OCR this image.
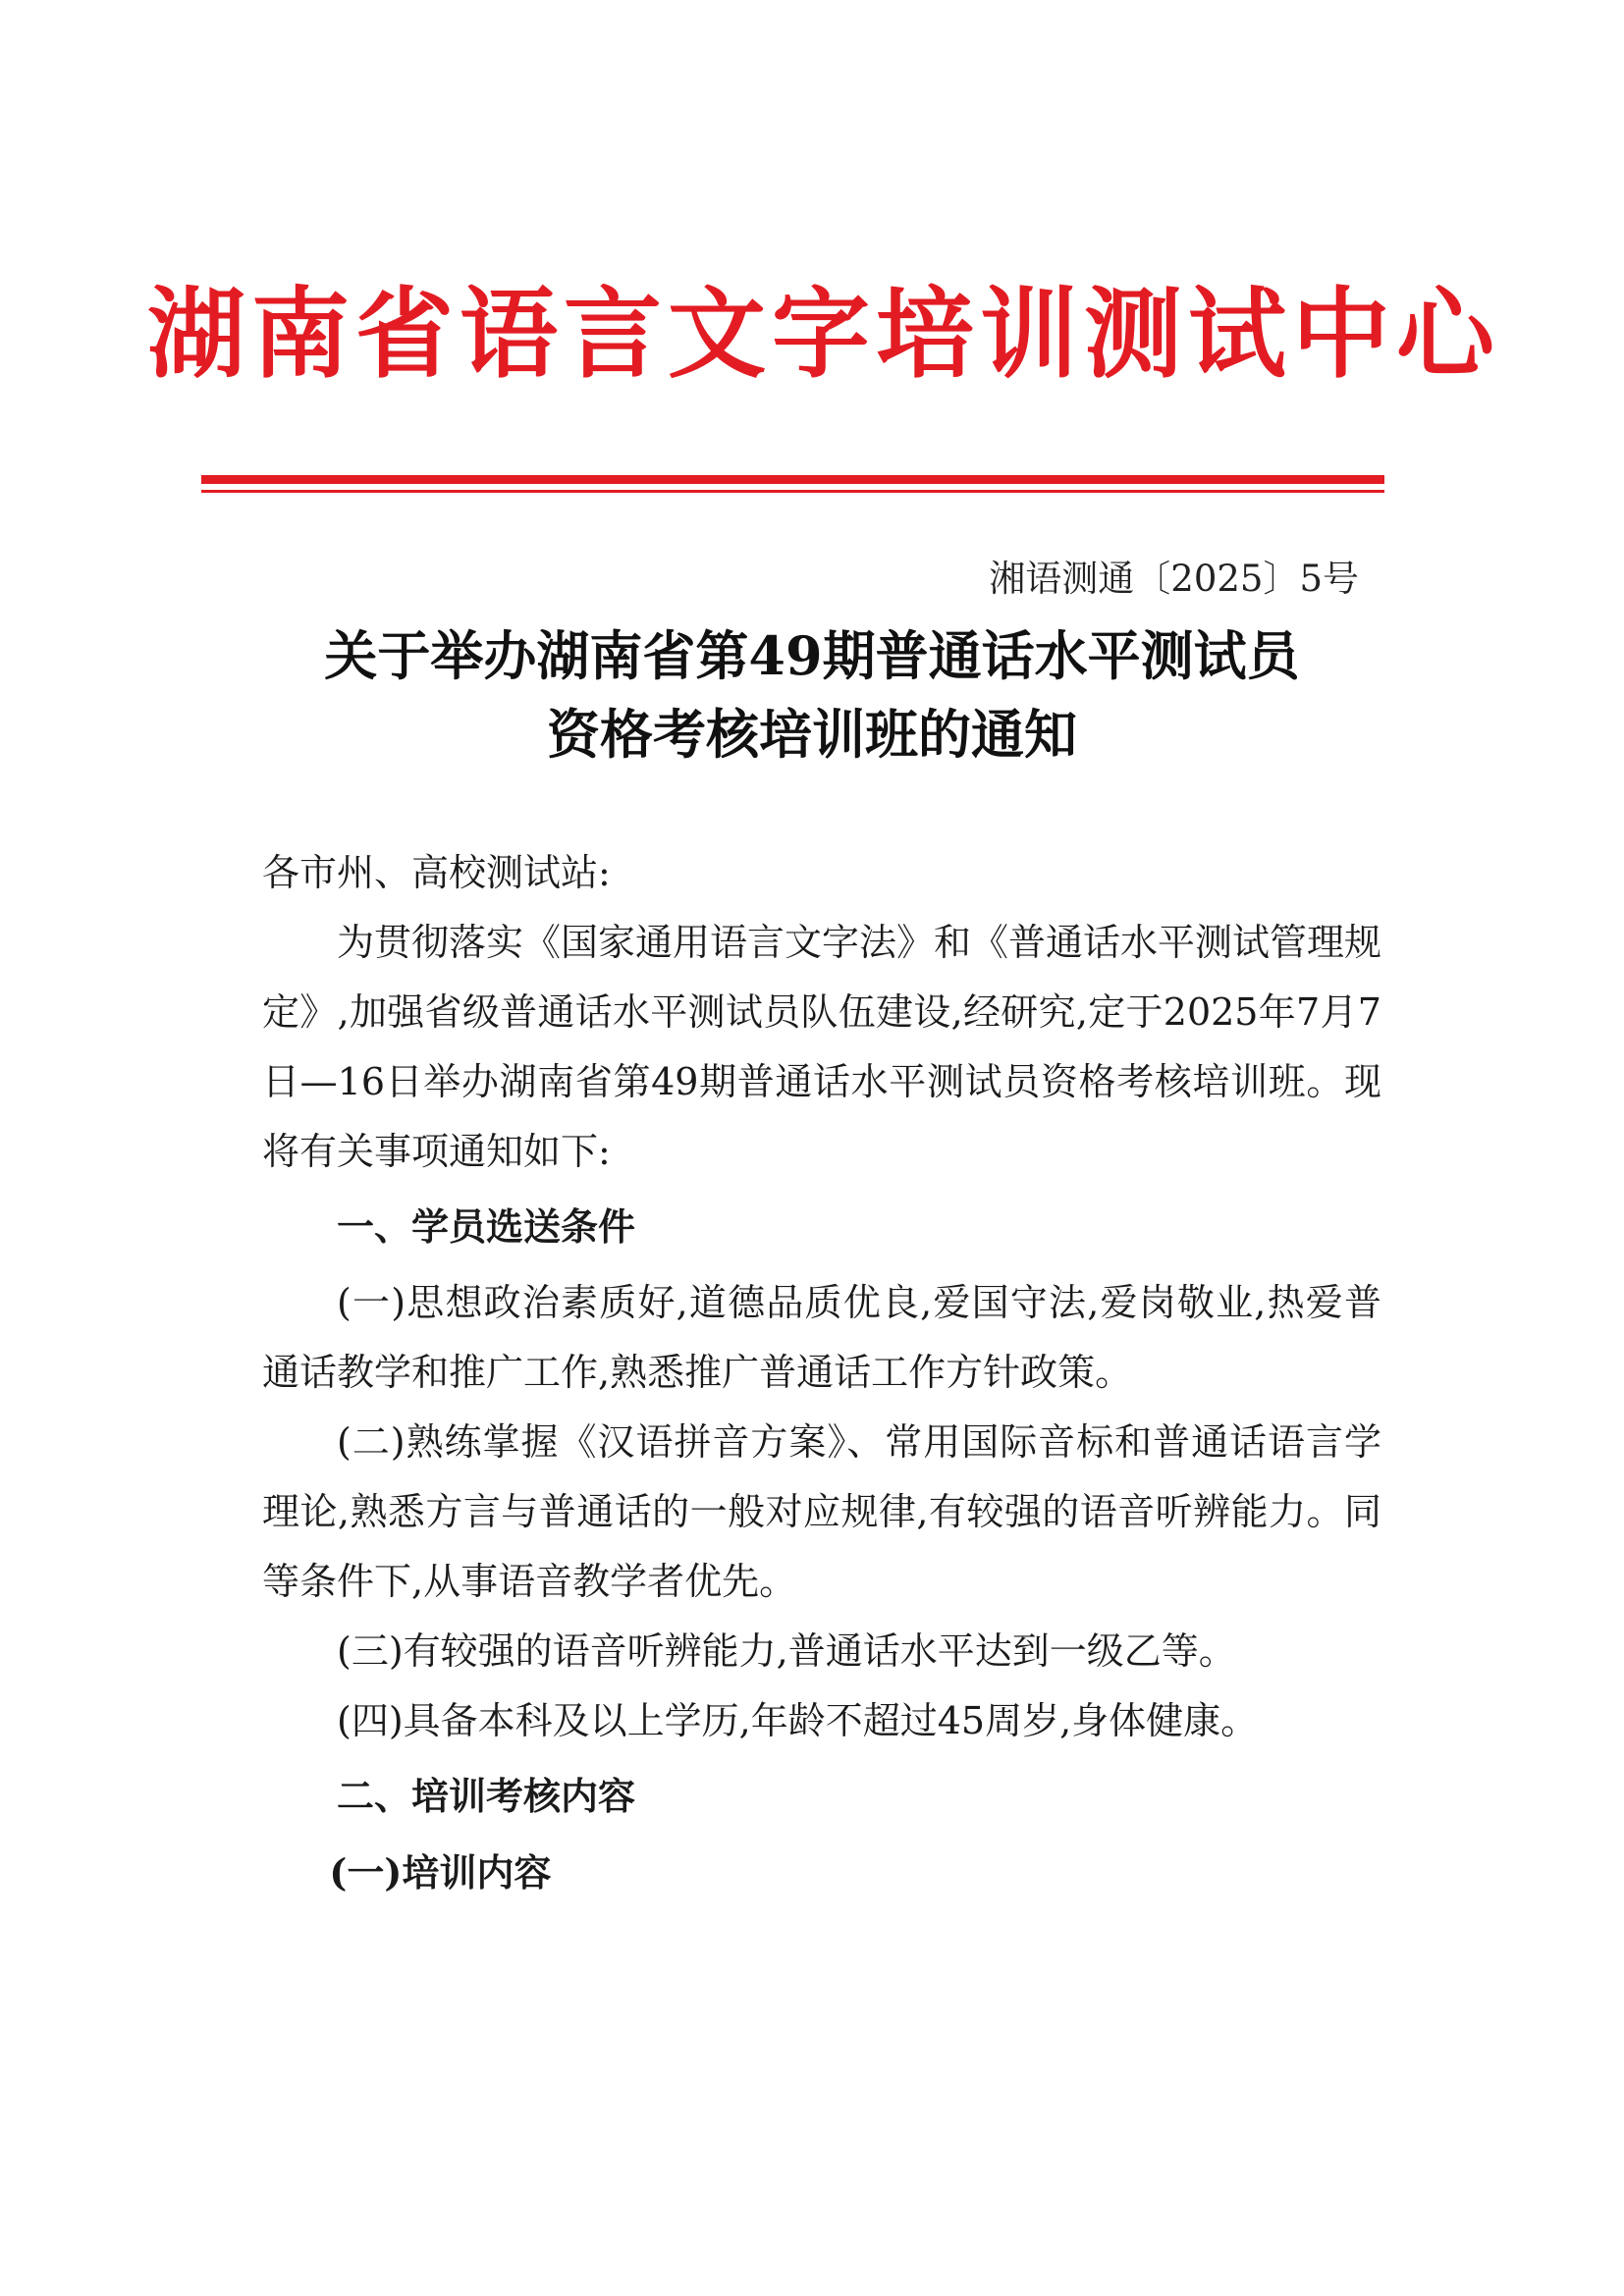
湖南省语言文字培训测试中心
湘语测通〔2025〕5号
关于举办湖南省第49期普通话水平测试员
资格考核培训班的通知

各市州、高校测试站:

为贯彻落实《国家通用语言文字法》和《普通话水平测试管理规定》,加强省级普通话水平测试员队伍建设,经研究,定于2025年7月7日—16日举办湖南省第49期普通话水平测试员资格考核培训班。现将有关事项通知如下:

一、学员选送条件

(一)思想政治素质好,道德品质优良,爱国守法,爱岗敬业,热爱普通话教学和推广工作,熟悉推广普通话工作方针政策。

(二)熟练掌握《汉语拼音方案》、常用国际音标和普通话语言学理论,熟悉方言与普通话的一般对应规律,有较强的语音听辨能力。同等条件下,从事语音教学者优先。

(三)有较强的语音听辨能力,普通话水平达到一级乙等。

(四)具备本科及以上学历,年龄不超过45周岁,身体健康。

二、培训考核内容

(一)培训内容
